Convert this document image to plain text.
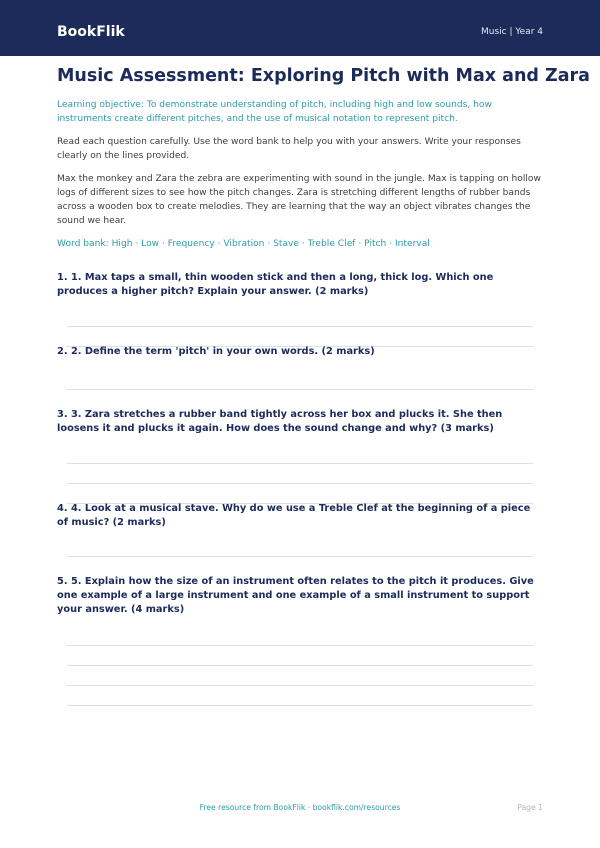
BookFlik	Music | Year 4
Music Assessment: Exploring Pitch with Max and Zara

Learning objective: To demonstrate understanding of pitch, including high and low sounds, how instruments create different pitches, and the use of musical notation to represent pitch.

Read each question carefully. Use the word bank to help you with your answers. Write your responses clearly on the lines provided.

Max the monkey and Zara the zebra are experimenting with sound in the jungle. Max is tapping on hollow logs of different sizes to see how the pitch changes. Zara is stretching different lengths of rubber bands across a wooden box to create melodies. They are learning that the way an object vibrates changes the sound we hear.

Word bank: High · Low · Frequency · Vibration · Stave · Treble Clef · Pitch · Interval

1. 1. Max taps a small, thin wooden stick and then a long, thick log. Which one produces a higher pitch? Explain your answer. (2 marks)

2. 2. Define the term 'pitch' in your own words. (2 marks)

3. 3. Zara stretches a rubber band tightly across her box and plucks it. She then loosens it and plucks it again. How does the sound change and why? (3 marks)

4. 4. Look at a musical stave. Why do we use a Treble Clef at the beginning of a piece of music? (2 marks)

5. 5. Explain how the size of an instrument often relates to the pitch it produces. Give one example of a large instrument and one example of a small instrument to support your answer. (4 marks)

Free resource from BookFlik · bookflik.com/resources	Page 1
